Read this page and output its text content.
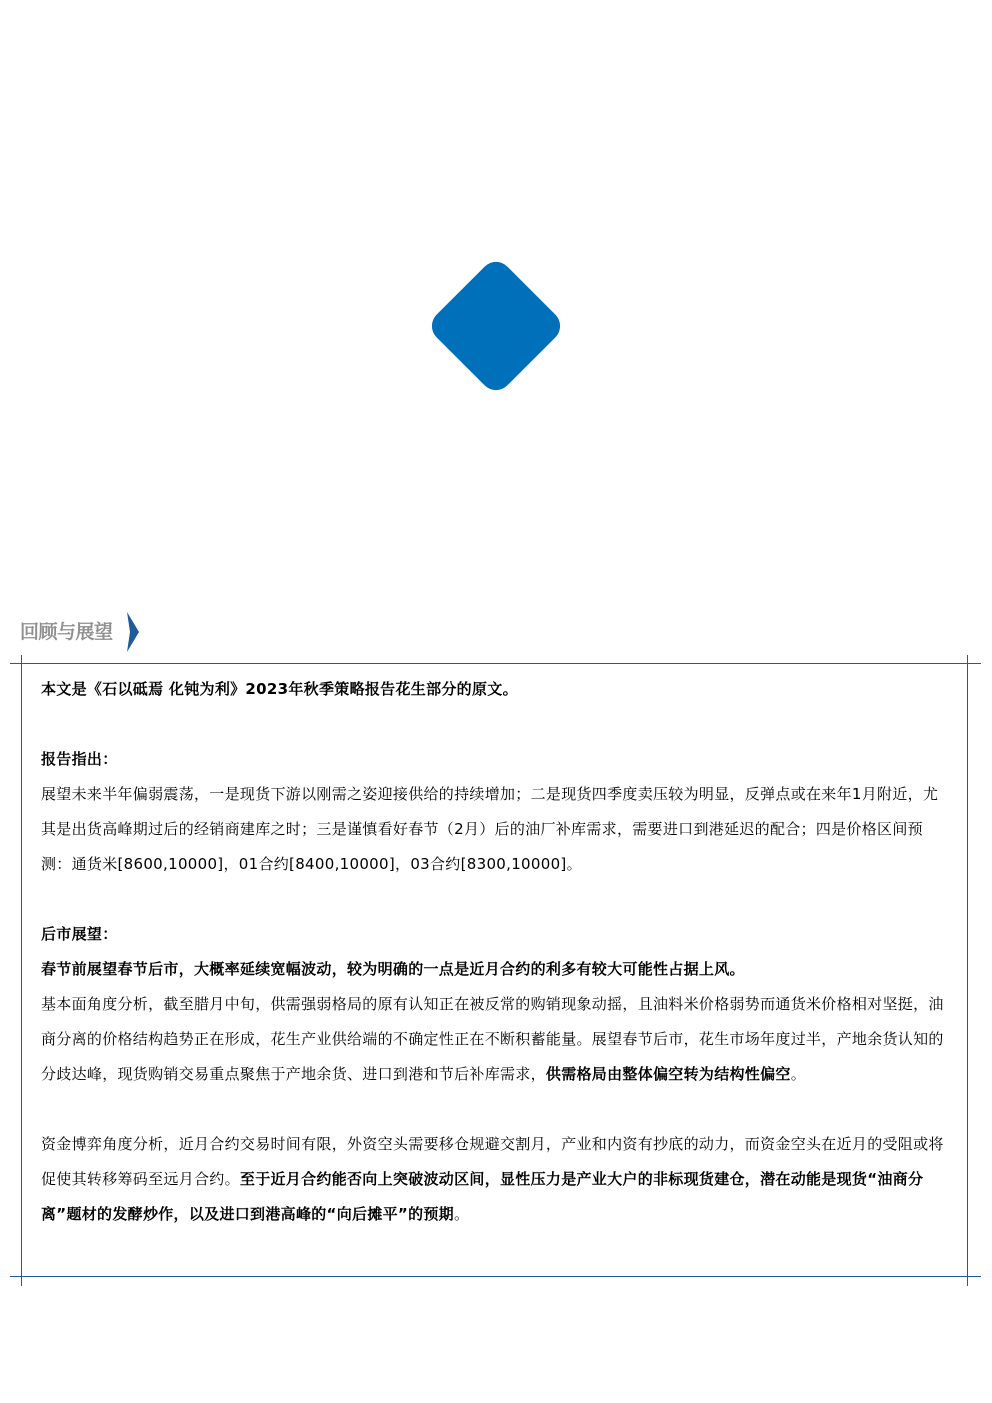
回顾与展望

本文是《石以砥焉 化钝为利》2023年秋季策略报告花生部分的原文。

报告指出：

展望未来半年偏弱震荡，一是现货下游以刚需之姿迎接供给的持续增加；二是现货四季度卖压较为明显，反弹点或在来年1月附近，尤其是出货高峰期过后的经销商建库之时；三是谨慎看好春节（2月）后的油厂补库需求，需要进口到港延迟的配合；四是价格区间预测：通货米[8600,10000]，01合约[8400,10000]，03合约[8300,10000]。

后市展望：

春节前展望春节后市，大概率延续宽幅波动，较为明确的一点是近月合约的利多有较大可能性占据上风。

基本面角度分析，截至腊月中旬，供需强弱格局的原有认知正在被反常的购销现象动摇，且油料米价格弱势而通货米价格相对坚挺，油商分离的价格结构趋势正在形成，花生产业供给端的不确定性正在不断积蓄能量。展望春节后市，花生市场年度过半，产地余货认知的分歧达峰，现货购销交易重点聚焦于产地余货、进口到港和节后补库需求，供需格局由整体偏空转为结构性偏空。

资金博弈角度分析，近月合约交易时间有限，外资空头需要移仓规避交割月，产业和内资有抄底的动力，而资金空头在近月的受阻或将促使其转移筹码至远月合约。至于近月合约能否向上突破波动区间，显性压力是产业大户的非标现货建仓，潜在动能是现货“油商分离”题材的发酵炒作，以及进口到港高峰的“向后摊平”的预期。
